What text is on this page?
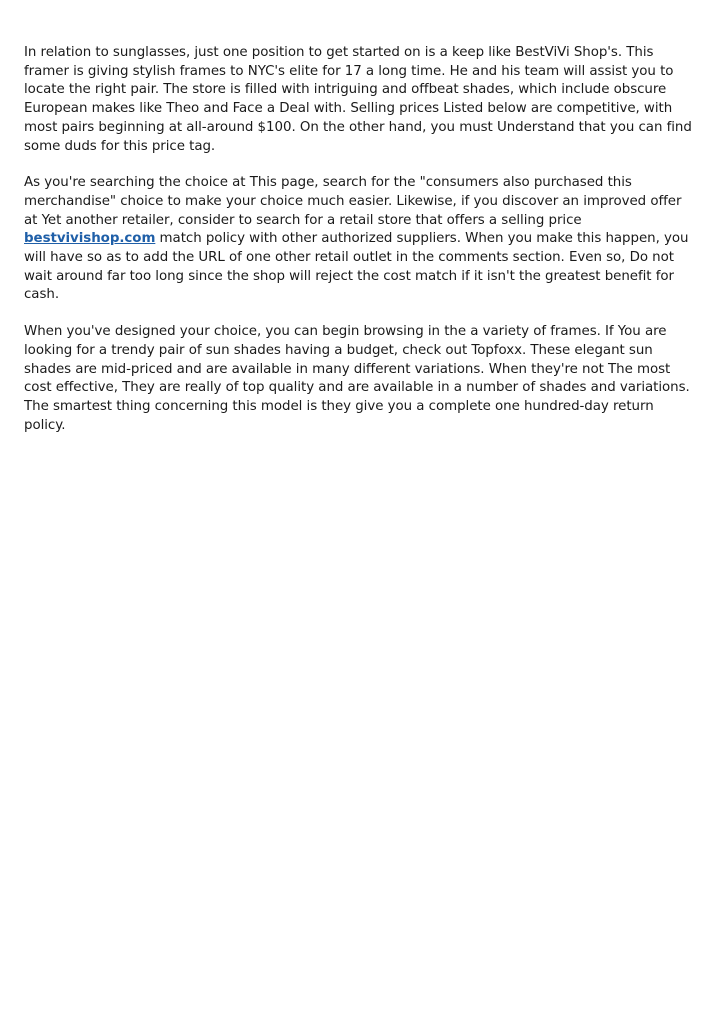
In relation to sunglasses, just one position to get started on is a keep like BestViVi Shop's. This framer is giving stylish frames to NYC's elite for 17 a long time. He and his team will assist you to locate the right pair. The store is filled with intriguing and offbeat shades, which include obscure European makes like Theo and Face a Deal with. Selling prices Listed below are competitive, with most pairs beginning at all-around $100. On the other hand, you must Understand that you can find some duds for this price tag.

As you're searching the choice at This page, search for the "consumers also purchased this merchandise" choice to make your choice much easier. Likewise, if you discover an improved offer at Yet another retailer, consider to search for a retail store that offers a selling price bestvivishop.com match policy with other authorized suppliers. When you make this happen, you will have so as to add the URL of one other retail outlet in the comments section. Even so, Do not wait around far too long since the shop will reject the cost match if it isn't the greatest benefit for cash.

When you've designed your choice, you can begin browsing in the a variety of frames. If You are looking for a trendy pair of sun shades having a budget, check out Topfoxx. These elegant sun shades are mid-priced and are available in many different variations. When they're not The most cost effective, They are really of top quality and are available in a number of shades and variations. The smartest thing concerning this model is they give you a complete one hundred-day return policy.
